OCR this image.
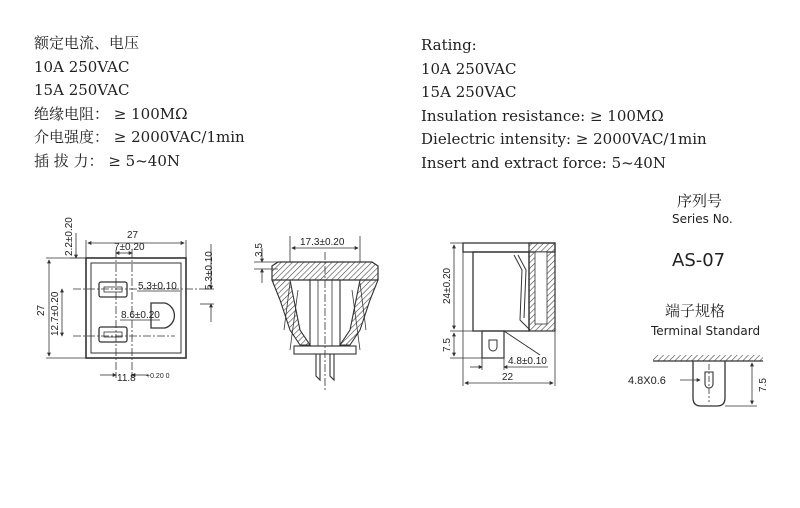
额定电流、电压
10A 250VAC
15A 250VAC
绝缘电阻： ≥ 100MΩ
介电强度： ≥ 2000VAC/1min
插 拔 力： ≥ 5~40N
Rating:
10A 250VAC
15A 250VAC
Insulation resistance: ≥ 100MΩ
Dielectric intensity: ≥ 2000VAC/1min
Insert and extract force: 5~40N
序列号
Series No.
AS-07
端子规格
Terminal Standard
27
7±0.20
2.2±0.20
27 12.7±0.20
5.3±0.10	5.3±0.10
8.6±0.20
11.8 +0.20 0
17.3±0.20
3.5
24±0.20
7.5
4.8±0.10
22	4.8X0.6	7.5
